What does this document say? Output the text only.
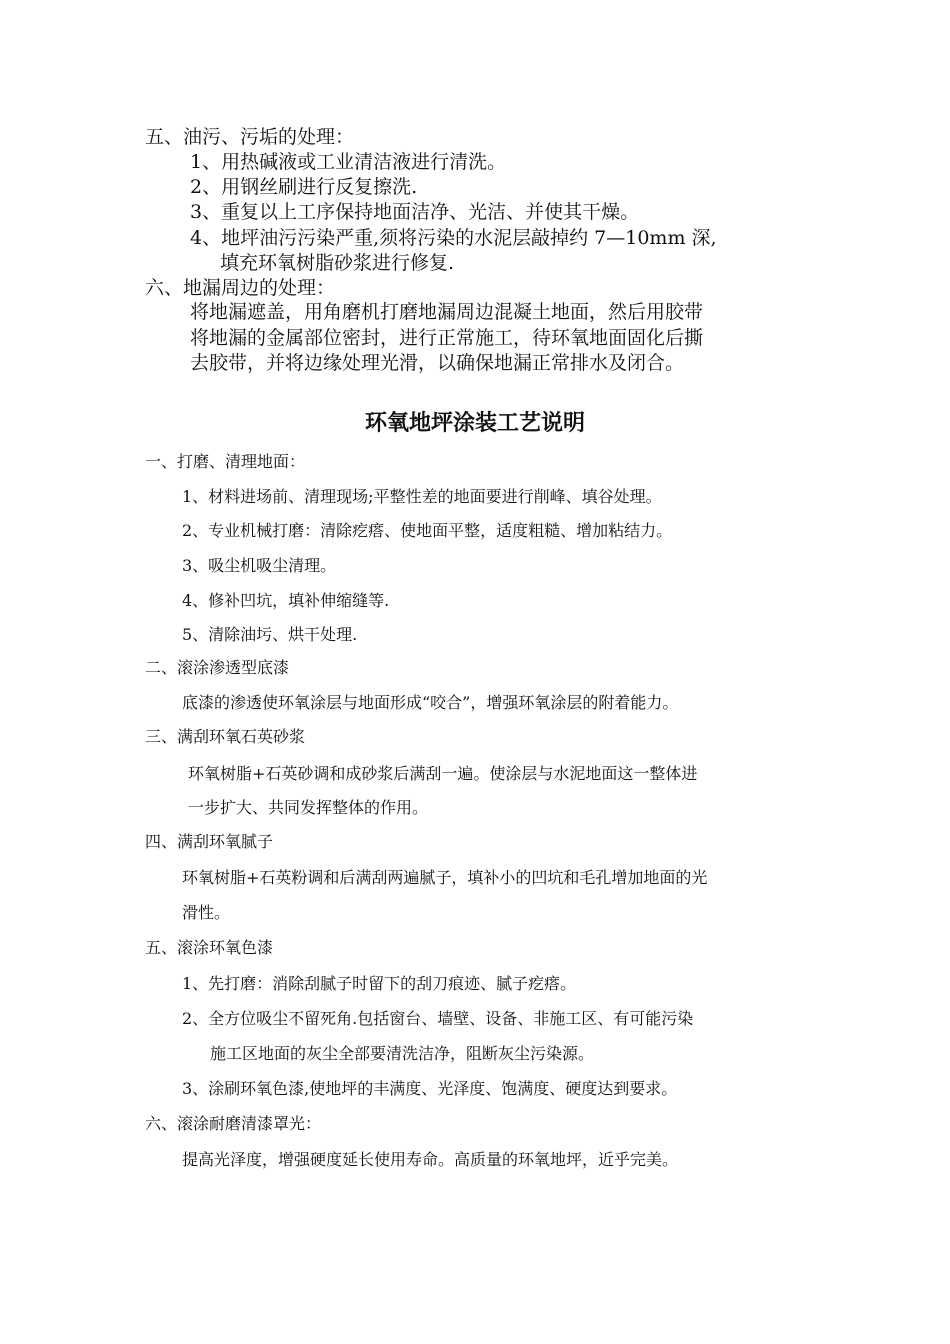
五、油污、污垢的处理：
1、用热碱液或工业清洁液进行清洗。
2、用钢丝刷进行反复擦洗.
3、重复以上工序保持地面洁净、光洁、并使其干燥。
4、地坪油污污染严重,须将污染的水泥层敲掉约 7—10mm 深,
填充环氧树脂砂浆进行修复.
六、地漏周边的处理：
将地漏遮盖，用角磨机打磨地漏周边混凝土地面，然后用胶带
将地漏的金属部位密封，进行正常施工，待环氧地面固化后撕
去胶带，并将边缘处理光滑，以确保地漏正常排水及闭合。
环氧地坪涂装工艺说明
一、打磨、清理地面：
1、材料进场前、清理现场;平整性差的地面要进行削峰、填谷处理。
2、专业机械打磨：清除疙瘩、使地面平整，适度粗糙、增加粘结力。
3、吸尘机吸尘清理。
4、修补凹坑，填补伸缩缝等.
5、清除油圬、烘干处理.
二、滚涂渗透型底漆
底漆的渗透使环氧涂层与地面形成“咬合”，增强环氧涂层的附着能力。
三、满刮环氧石英砂浆
环氧树脂+石英砂调和成砂浆后满刮一遍。使涂层与水泥地面这一整体进
一步扩大、共同发挥整体的作用。
四、满刮环氧腻子
环氧树脂+石英粉调和后满刮两遍腻子，填补小的凹坑和毛孔增加地面的光
滑性。
五、滚涂环氧色漆
1、先打磨：消除刮腻子时留下的刮刀痕迹、腻子疙瘩。
2、全方位吸尘不留死角.包括窗台、墙壁、设备、非施工区、有可能污染
施工区地面的灰尘全部要清洗洁净，阻断灰尘污染源。
3、涂刷环氧色漆,使地坪的丰满度、光泽度、饱满度、硬度达到要求。
六、滚涂耐磨清漆罩光：
提高光泽度，增强硬度延长使用寿命。高质量的环氧地坪，近乎完美。
